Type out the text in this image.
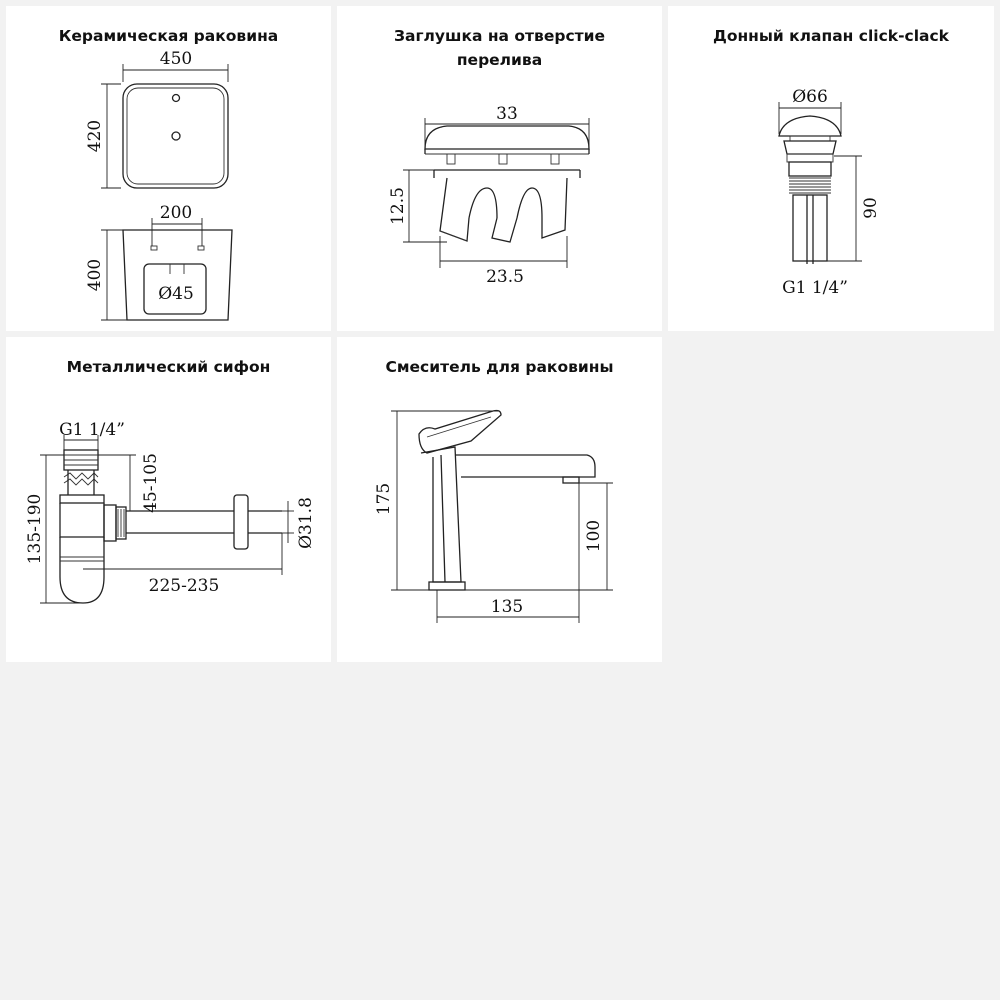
Керамическая раковина
450
420
200
400
Ø45
Заглушка на отверстие
перелива
33
12.5
23.5
Донный клапан click-clack
Ø66
90
G1 1/4”
Металлический сифон
G1 1/4”
135-190
45-105
225-235
Ø31.8
Смеситель для раковины
175
100
135
